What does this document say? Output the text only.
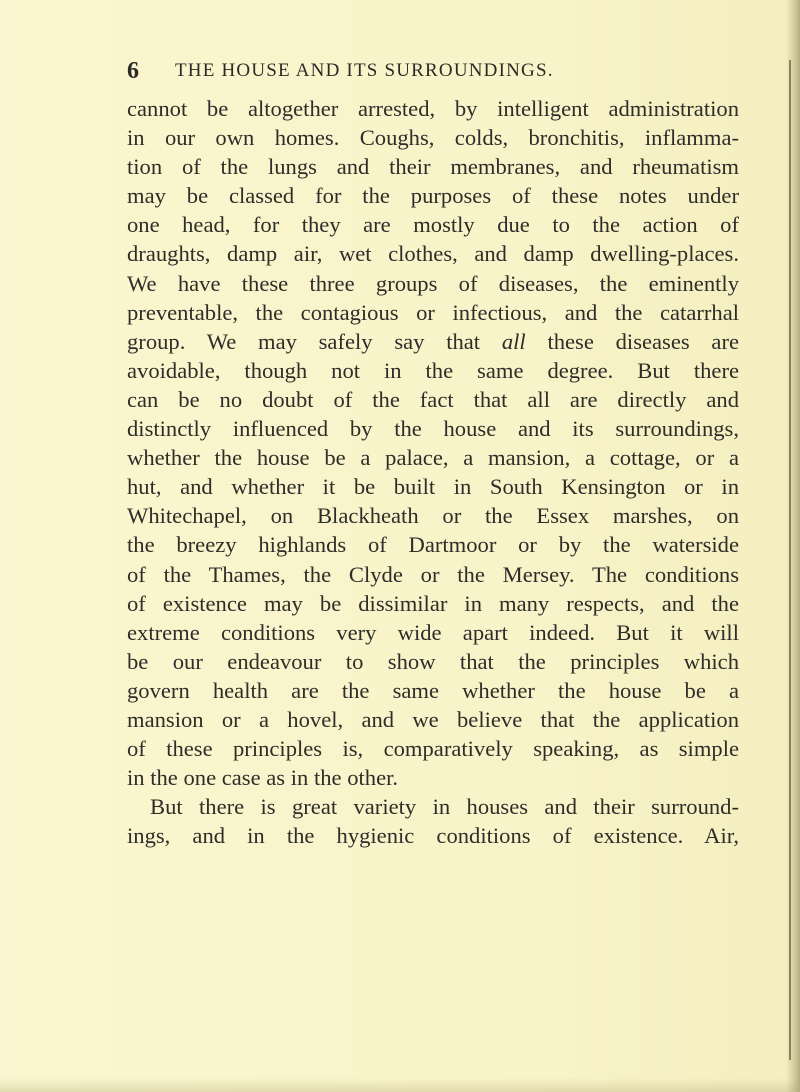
6 THE HOUSE AND ITS SURROUNDINGS.
cannot be altogether arrested, by intelligent administration
in our own homes. Coughs, colds, bronchitis, inflamma-
tion of the lungs and their membranes, and rheumatism
may be classed for the purposes of these notes under
one head, for they are mostly due to the action of
draughts, damp air, wet clothes, and damp dwelling-places.
We have these three groups of diseases, the eminently
preventable, the contagious or infectious, and the catarrhal
group. We may safely say that all these diseases are
avoidable, though not in the same degree. But there
can be no doubt of the fact that all are directly and
distinctly influenced by the house and its surroundings,
whether the house be a palace, a mansion, a cottage, or a
hut, and whether it be built in South Kensington or in
Whitechapel, on Blackheath or the Essex marshes, on
the breezy highlands of Dartmoor or by the waterside
of the Thames, the Clyde or the Mersey. The conditions
of existence may be dissimilar in many respects, and the
extreme conditions very wide apart indeed. But it will
be our endeavour to show that the principles which
govern health are the same whether the house be a
mansion or a hovel, and we believe that the application
of these principles is, comparatively speaking, as simple
in the one case as in the other.
But there is great variety in houses and their surround-
ings, and in the hygienic conditions of existence. Air,
